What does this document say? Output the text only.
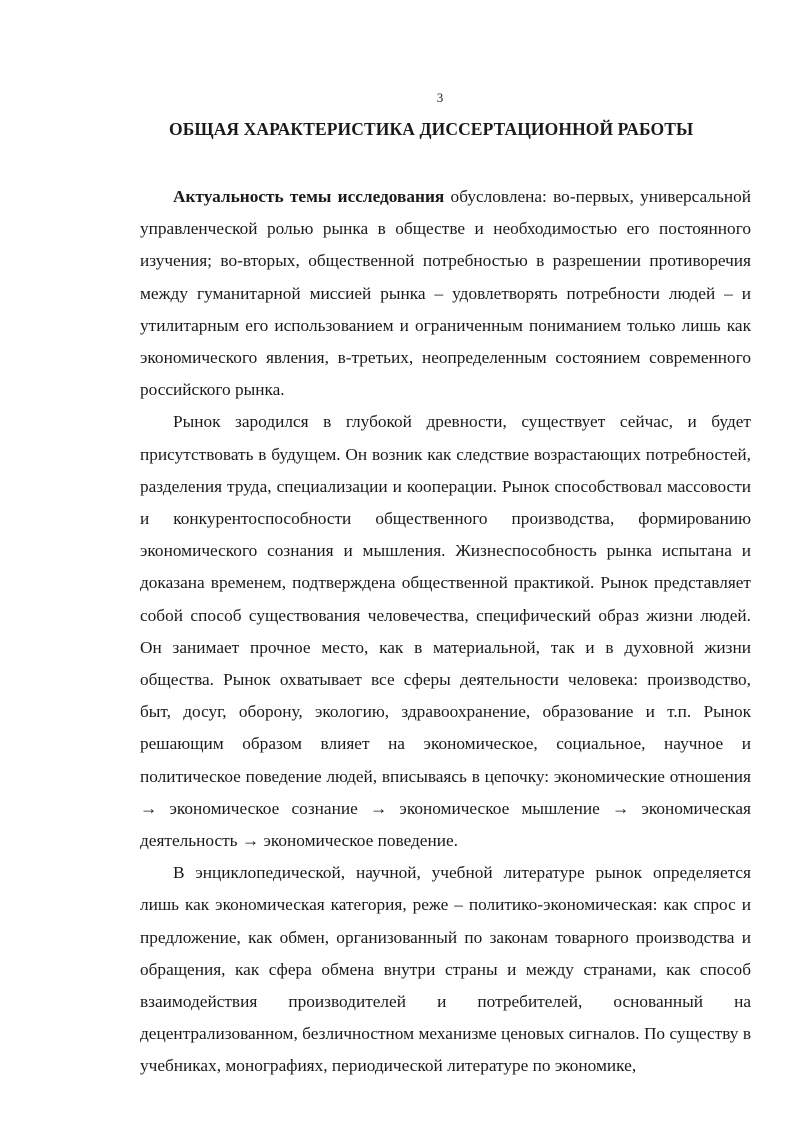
3
ОБЩАЯ ХАРАКТЕРИСТИКА ДИССЕРТАЦИОННОЙ РАБОТЫ

Актуальность темы исследования обусловлена: во-первых, универсальной управленческой ролью рынка в обществе и необходимостью его постоянного изучения; во-вторых, общественной потребностью в разрешении противоречия между гуманитарной миссией рынка – удовлетворять потребности людей – и утилитарным его использованием и ограниченным пониманием только лишь как экономического явления, в-третьих, неопределенным состоянием современного российского рынка.

Рынок зародился в глубокой древности, существует сейчас, и будет присутствовать в будущем. Он возник как следствие возрастающих потребностей, разделения труда, специализации и кооперации. Рынок способствовал массовости и конкурентоспособности общественного производства, формированию экономического сознания и мышления. Жизнеспособность рынка испытана и доказана временем, подтверждена общественной практикой. Рынок представляет собой способ существования человечества, специфический образ жизни людей. Он занимает прочное место, как в материальной, так и в духовной жизни общества. Рынок охватывает все сферы деятельности человека: производство, быт, досуг, оборону, экологию, здравоохранение, образование и т.п. Рынок решающим образом влияет на экономическое, социальное, научное и политическое поведение людей, вписываясь в цепочку: экономические отношения → экономическое сознание → экономическое мышление → экономическая деятельность → экономическое поведение.

В энциклопедической, научной, учебной литературе рынок определяется лишь как экономическая категория, реже – политико-экономическая: как спрос и предложение, как обмен, организованный по законам товарного производства и обращения, как сфера обмена внутри страны и между странами, как способ взаимодействия производителей и потребителей, основанный на децентрализованном, безличностном механизме ценовых сигналов. По существу в учебниках, монографиях, периодической литературе по экономике,
